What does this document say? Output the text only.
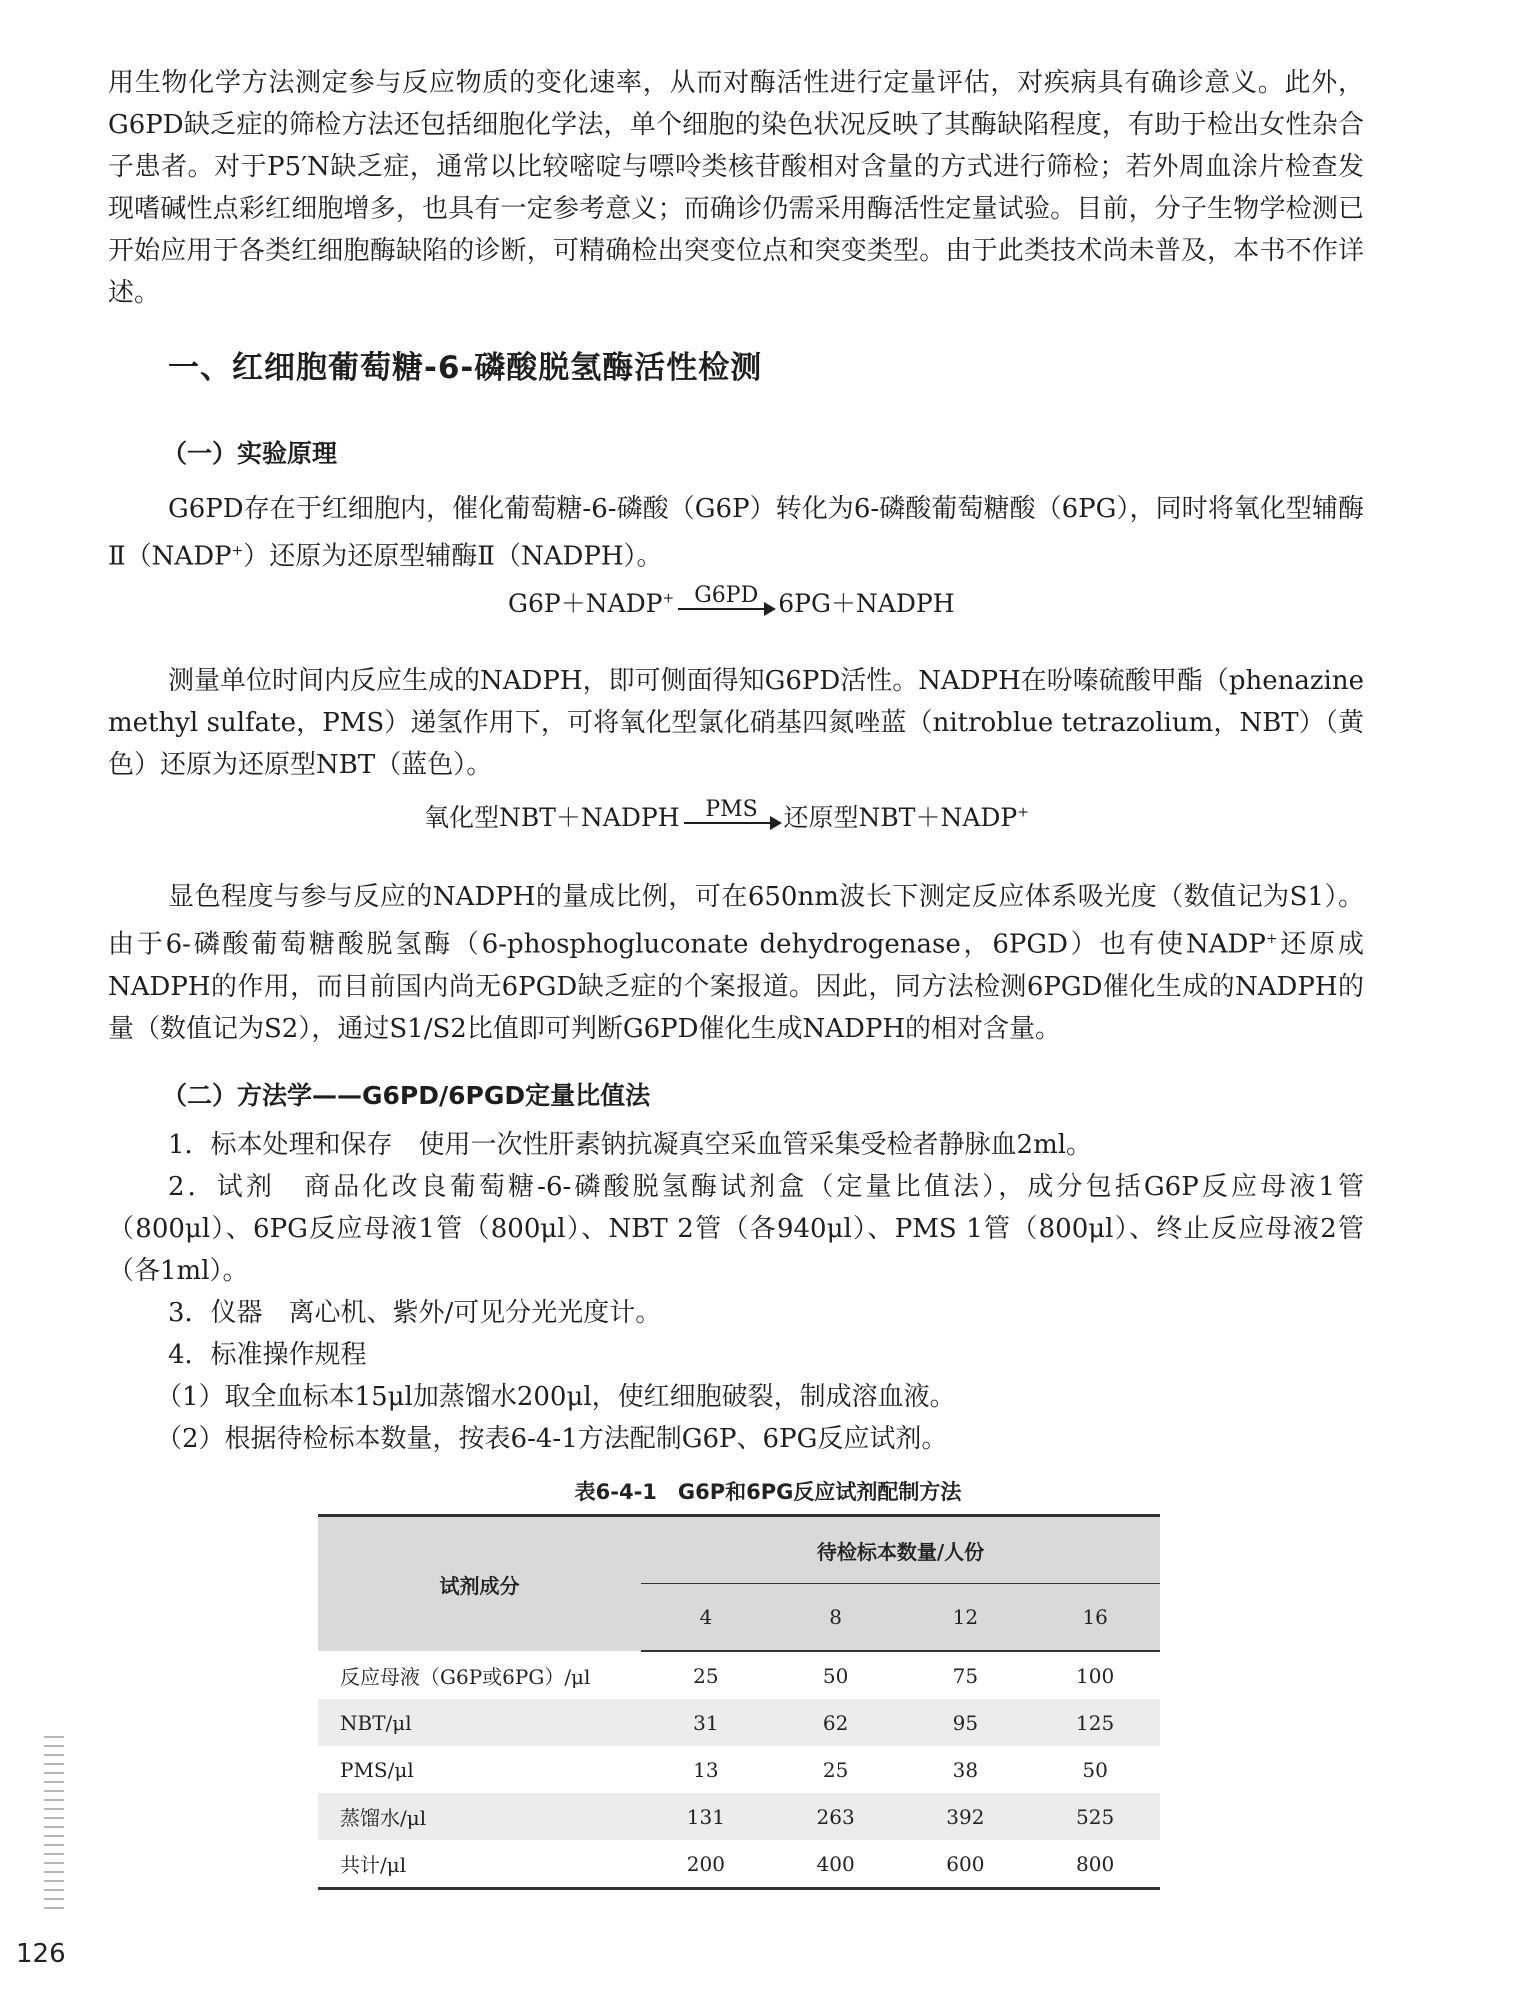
用生物化学方法测定参与反应物质的变化速率，从而对酶活性进行定量评估，对疾病具有确诊意义。此外，G6PD缺乏症的筛检方法还包括细胞化学法，单个细胞的染色状况反映了其酶缺陷程度，有助于检出女性杂合子患者。对于P5′N缺乏症，通常以比较嘧啶与嘌呤类核苷酸相对含量的方式进行筛检；若外周血涂片检查发现嗜碱性点彩红细胞增多，也具有一定参考意义；而确诊仍需采用酶活性定量试验。目前，分子生物学检测已开始应用于各类红细胞酶缺陷的诊断，可精确检出突变位点和突变类型。由于此类技术尚未普及，本书不作详述。

一、红细胞葡萄糖-6-磷酸脱氢酶活性检测
（一）实验原理

G6PD存在于红细胞内，催化葡萄糖-6-磷酸（G6P）转化为6-磷酸葡萄糖酸（6PG），同时将氧化型辅酶Ⅱ（NADP+）还原为还原型辅酶Ⅱ（NADPH）。

G6P＋NADP+ G6PD 6PG＋NADPH

测量单位时间内反应生成的NADPH，即可侧面得知G6PD活性。NADPH在吩嗪硫酸甲酯（phenazine methyl sulfate，PMS）递氢作用下，可将氧化型氯化硝基四氮唑蓝（nitroblue tetrazolium，NBT）（黄色）还原为还原型NBT（蓝色）。

氧化型NBT＋NADPH PMS 还原型NBT＋NADP+

显色程度与参与反应的NADPH的量成比例，可在650nm波长下测定反应体系吸光度（数值记为S1）。由于6-磷酸葡萄糖酸脱氢酶（6-phosphogluconate dehydrogenase，6PGD）也有使NADP+还原成NADPH的作用，而目前国内尚无6PGD缺乏症的个案报道。因此，同方法检测6PGD催化生成的NADPH的量（数值记为S2），通过S1/S2比值即可判断G6PD催化生成NADPH的相对含量。

（二）方法学——G6PD/6PGD定量比值法

1．标本处理和保存　使用一次性肝素钠抗凝真空采血管采集受检者静脉血2ml。

2．试剂　商品化改良葡萄糖-6-磷酸脱氢酶试剂盒（定量比值法），成分包括G6P反应母液1管（800μl）、6PG反应母液1管（800μl）、NBT 2管（各940μl）、PMS 1管（800μl）、终止反应母液2管（各1ml）。

3．仪器　离心机、紫外/可见分光光度计。

4．标准操作规程

（1）取全血标本15μl加蒸馏水200μl，使红细胞破裂，制成溶血液。

（2）根据待检标本数量，按表6-4-1方法配制G6P、6PG反应试剂。

表6-4-1　G6P和6PG反应试剂配制方法
试剂成分	待检标本数量/人份			
	4	8	12	16
反应母液（G6P或6PG）/μl	25	50	75	100
NBT/μl	31	62	95	125
PMS/μl	13	25	38	50
蒸馏水/μl	131	263	392	525
共计/μl	200	400	600	800
126
